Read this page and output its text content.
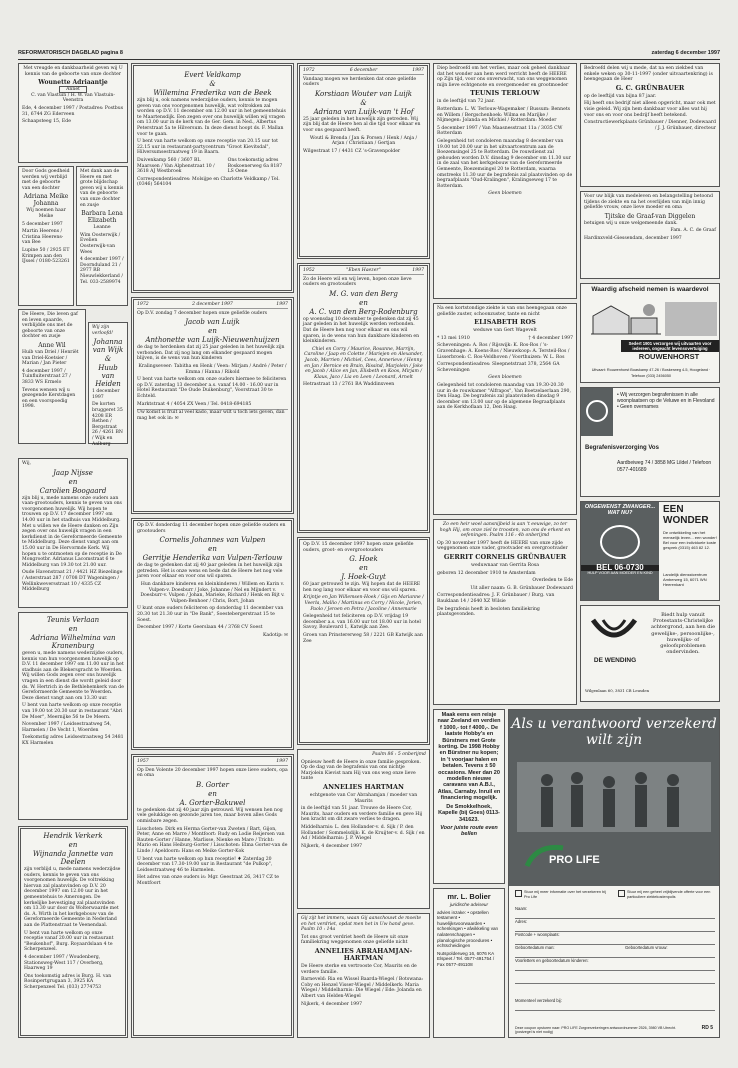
REFORMATORISCH DAGBLAD pagina 8	zaterdag 6 december 1997

Met vreugde en dankbaarheid geven wij U kennis van de geboorte van onze dochter

Wounette Adriaantje
Annet

C. van Vlastuin / H. W. van Vlastuin-Veenstra

Ede, 4 december 1997 / Postadres: Postbus 31, 6744 ZG Ederveen

Schaapsteeg 15, Ede

Door Gods goedheid werden wij verblijd met de geboorte van een dochter

Adriana Meike Johanna

Wij noemen haar Meike

5 december 1997

Martin Heerens / Cristina Heerens-van Bee

Lupine 50 / 2925 ET Krimpen aan den IJssel / 0180-523261

Met dank aan de Heere en met grote blijdschap geven wij u kennis van de geboorte van onze dochter en zusje

Barbara Lena Elizabeth

Leanne

Wim Oosterwijk / Evelien Oosterwijk-van Wees

4 december 1997 / Doornduland 21 / 2977 RB Nieuwlekkerland / Tel. 033-2589974

De Heere, Die leven gaf en leven spaarde, verblijdde ons met de geboorte van onze dochter en zusje

Anne Wil

Huib van Driel / Henriët van Driel-Koetsier / Marian / Jan Pieter

4 december 1997 / Tuinfluiterstraat 27 / 3833 WS Ermelo

Tevens wensen wij u gezegende Kerstdagen en een voorspoedig 1998.

Wij zijn verloofd!

Johanna van Wijk
&
Huub van Heiden

1 december 1997

De korten bruggeret 35 4208 ER Rethen / Bergstraat 26 / 4261 BN / Wijk en Aalburg

Wij,

Jaap Nijsse
en
Carolien Boogaard

zijn blij u, mede namens onze ouders aan vaan-grootouders, kennis te geven van ons voorgenomen huwelijk. Wij hopen te trouwen op D.V. 17 december 1997 om 14.00 uur in het stadhuis van Middelburg. Met u willen we de Heere danken en Zijn zegen over ons huwelijk vragen in een kerkdienst in de Gereformeerde Gemeente te Middelburg. Deze dienst vangt aan om 15.00 uur in De Hervormde Kerk. Wij hopen u te ontmoeten op de receptie in De Mongrootbr. Adrianus Lacomstraat 6 te Middelburg van 19.30 tot 21.00 uur.

Oude Havenstraat 21 / 4421 HZ Biezelinge / Asterstraat 287 / 0708 DT Wageningen / Wellinkweversstraat 10 / 4335 CZ Middelburg

Teunis Verlaan
en
Adriana Wilhelmina van Kranenburg

geven u, mede namens wederzijdse ouders, kennis van hun voorgenomen huwelijk op D.V. 11 december 1997 om 11.00 uur in het stadhuis aan de Blekersgracht te Woerden. Wij willen Gods zegen over ons huwelijk vragen in een dienst die wordt geleid door ds. W. Hertrich in de Bethlehemkerk van de Gereformeerde Gemeente te Woerden. Deze dienst vangt aan om 13.30 uur.

U bent van harte welkom op onze receptie van 19.00 tot 20.30 uur in restaurant "Abri De Moer", Meernijke 56 te De Meern.

November 1997 / Leidsestraatweg 54, Harmelen / De Vecht 1, Woerden

Toekomstig adres Leidsestraatweg 54 3481 KX Harmelen

Hendrik Verkerk
en
Wijnanda Jannette van Deelen

zijn verblijd u, mede namens wederzijdse ouders, kennis te geven van ons voorgenomen huwelijk. De voltrekking hiervan zal plaatsvinden op D.V. 20 december 1997 om 12.00 uur in het gemeentehuis te Amerongen. De kerkelijke bevestiging zal plaatsvinden om 13.30 uur door ds Wolterwaarde met ds. A. Wirth in het kerkgebouw van de Gereformeerde Gemeente in Nederland aan de Plattenstraat te Veenendaal.

U bent van harte welkom op onze receptie vanaf 20.00 uur in restaurant "Beukenhof", Burg. Royaardslaan 4 te Scherpenzeel.

4 december 1997 / Woudenberg, Stationsweg-West 117 / Overberg, Haarweg 19

Ons toekomstig adres is Burg. H. van Rosinpertgrugaan 3, 3925 KA Scherpenzeel Tel. (033) 2774753

Evert Veldkamp
&
Willemina Frederika van de Beek

zijn blij u, ook namens wederzijdse ouders, kennis te mogen geven van ons voorgenomen huwelijk, wat voltrokken zal worden op D.V. 11 december om 12.00 uur in het gemeentehuis te Maartensdijk. Een zegen over ons huwelijk willen wij vragen om 13.00 uur in de kerk van de Ger. Gem. in Ned., Albertus Peterstraat 5a te Hilversum. In deze dienst hoopt ds. F. Mallan voor te gaan.

U bent van harte welkom op onze receptie van 20.15 uur tot 22.15 uur in restaurant-partycentrum "Groot Kievitsdal", Hilversumsestraatweg 19 in Baarn.

Duivenkamp 560 / 3607 BL Maarssen / Van Alphenstraat 10 / 3618 AJ Westbroek

Ons toekomstig adres Boskoenerweg 6a 8187 LS Oene

Correspondentieadres: Molsijpe en Charlotte Veldkamp / Tel. (0346) 564104

1972	2 december 1997	1997

Op D.V. zondag 7 december hopen onze geliefde ouders

Jacob van Luijk
en
Anthonette van Luijk-Nieuwenhuijzen

de dag te herdenken dat zij 25 jaar geleden in het huwelijk zijn verbonden. Dat zij nog lang om elkander gespaard mogen blijven, is de wens van hun kinderen

Kralingseveer: Tabitha en Henk / Veen: Mirjam / André / Peter / Emma / Hanna / Rikold

U bent van harte welkom om onze ouders hiermee te feliciteren op D.V. zaterdag 13 december a.s. vanaf 14.00 - 16.00 uur in Hotel Restaurant "De Oude Duikenburg", Voorstraat 30 te Echteld.

Marktstraat 4 / 4054 ZX Veen / Tel. 0418-694185

Uw komst is fruit al veel kado, maar wilt u toch iets geven, dan mag het ook in: ✉

Op D.V. donderdag 11 december hopen onze geliefde ouders en grootouders

Cornelis Johannes van Vulpen
en
Gerritje Henderika van Vulpen-Terlouw

de dag te gedenken dat zij 40 jaar geleden in het huwelijk zijn getreden. Het is onze wens en bede dat de Heere het nog vele jaren voor elkaar en voor ons wil sparen.

Hun dankbare kinderen en kleinkinderen / Willem en Karin v. Vulpen-v. Doesburr / Joke, Johanne / Nel en Mijndert v. Doesburr-v. Vulpen / Johan, Marieke, Richard / Henk en Bijt v. Vulpen-Benhoer / Chris, Bort, Johan

U kunt onze ouders feliciteren op donderdag 11 december van 20.30 tot 21.30 uur in "De Bank", Soestebergerstraat 15 te Soest.

December 1997 / Korte Geerslaan 44 / 3768 CV Soest

Kadotip: ✉

1957	1997

Op Den Volente 20 december 1997 hopen onze lieve ouders, opa en oma

B. Gorter
en
A. Gorter-Bakuwel

te gedenken dat zij 40 jaar zijn getrouwd. Wij wensen hen nog vele gelukkige en gezonde jaren toe, maar boven alles Gods onmisbare zegen.

Lisschoten: Dirk en Herma Gorter-van Zweten / Bart, Gijon, Peter, Anne en Marre / Montfoort: Rudy en Lodie Reijersen van Bauten-Gorter / Hanne, Marlisse, Nienke en Mare / Tricht: Mario en Hans Heiburg-Gorter / Lisschoten: Elma Gorter-van de Linde / Apeldoorn: Hans en Meike Gorter-Kok

U bent van harte welkom op hun receptie! ♦ Zaterdag 20 december van 17.30-19.00 uur in Restaurant "de Pulkop", Leidsestraatweg 46 te Harmelen.

Het adres van onze ouders is: Mgr. Geestraat 26, 3417 CZ te Montfoort

1972	6 december	1997

Vandaag mogen we herdenken dat onze geliefde ouders

Korstiaan Wouter van Luijk
&
Adriana van Luijk-van 't Hof

25 jaar geleden in het huwelijk zijn getreden. Wij zijn blij dat de Heere hen al die tijd voor elkaar en voor ons gespaard heeft.

Woutl & Brenda / Jan & Porsen / Henk / Anja / Arjan / Christiaan / Gertjan

Wilgestraat 17 / 4431 CZ 's-Gravenpolder

1952	"Eben Haezer"	1997

Zo de Heere wil en wij leven, hopen onze lieve ouders en grootouders

M. G. van den Berg
en
A. C. van den Berg-Rodenburg

op woensdag 10 december te gedenken dat zij 45 jaar geleden in het huwelijk werden verbonden. Dat de Heere hen nog voor elkaar en ons wil sparen, is de wens van hun dankbare kinderen en kleinkinderen.

Chiel en Corry / Maurice, Rosanne, Marrijn, Caroline / Jaap en Colette / Mariejen en Alexander, Jacob, Marrien / Michiel, Cees, Annerieve / Henny en Jan / Bernice en Brain, Rissind, Marjolein / Joke en Jacob / Alice en Jan, Elisbeth en Koos, Mirjam / Klaus, Jaco / Lia en Leen / Leonard, Arnelt

Hetrastraat 13 / 2761 BA Waddinxveen

Op D.V. 15 december 1997 hopen onze geliefde ouders, groot- en overgrootouders

G. Hoek
en
J. Hoek-Guyt

60 jaar getrouwd te zijn. Wij hopen dat de HEERE hen nog lang voor elkaar en voor ons wil sparen.

Krijntje en Jan Willemsen-Hoek / Gijs en Marianne / Veerla, Mallio / Martinus en Corry / Nicole, Jorien, Paolo / Jeroen en Petra / Jacoline / Annemarie

Gelegenheid tot feliciteren op D.V. vrijdag 19 december a.s. van 16.00 uur tot 18.00 uur in hotel Savoy, Boulevard 1, Katwijk aan Zee.

Groen van Prinstererweg 58 / 2221 GB Katwijk aan Zee

Psalm 86 : 5 onberijmd

Opnieuw heeft de Heere in onze familie gesproken. Op de dag van de begrafenis van ons nichtje Marjolein Kievist nam Hij van ons weg onze lieve tante

ANNELIES HARTMAN

echtgenote van Cor Abrahamjan / moeder van Maurits

in de leeftijd van 51 jaar. Trouwe de Heere Cor, Maurits, haar ouders en verdere familie en geve Hij hen kracht om dit zware verlies te dragen.

Middelharnis: L. den Hollander-v. d. Sijk / P. den Hollander / Sommelsdijk: K. de Kruijter-v. d. Sijk / en Ad / Middelharnis: J. P. Wiegel

Nijkerk, 4 december 1997

Gij zijt het immers, waan Gij aanschouwt de moeite en het verdriet, opdat men het in Uw hand geve. Psalm 10 : 14a

Tot ons groot verdriet heeft de Heere uit onze familiekring weggenomen onze geliefde nicht

ANNELIES ABRAHAMJAN-HARTMAN

De Heere sterke en vertrooste Cor, Maurits en de verdere familie.

Barneveld: Ria en Wissel Baarda-Wiegel / Botswana: Coby en Henzel Visser-Wiegel / Middelkerk: Maria Wiegel / Middelharnis: Die Wiegel / Ede: Jolanda en Albert van Helden-Wiegel

Nijkerk, 4 december 1997

Diep bedroefd om het verlies, maar ook geheel dankbaar dat het wonder aan hem werd verricht heeft de HEERE op Zijn tijd, voor ons onverwacht, van ons weggenomen mijn lieve echtgenote en overgemoeder en grootmoeder

TEUNIS TERLOUW

in de leeftijd van 72 jaar.

Rotterdam: L. W. Terlouw-Wagemaker / Bussum: Bennets en Willem / Bergschenhoek: Wilma en Marijke / Nijmegen: Jolanda en Michiel / Rotterdam: Moeder

5 december 1997 / Van Maasnesstraat 11a / 3035 CW Rotterdam

Gelegenheid tot condoleren maandag 8 december van 19.00 tot 20.00 uur in het uitvaartcentrum aan de Boezemsingel 25 te Rotterdam. De rouwdienst zal gehouden worden D.V. dinsdag 9 december om 11.30 uur in de zaal van het kerkgebouw van de Gereformeerde Gemeente, Boezemsingel 20 te Rotterdam, waarna omstreeks 11.30 uur de begrafenis zal plaatsvinden op de begraafplaats "Oud-Kralingen", Kralingseweg 17 te Rotterdam.

Geen bloemen

Na een kortstondige ziekte is van ons heengegaan onze geliefde zuster, schoonzuster, tante en nicht

ELISABETH ROS

weduwe van Gert Wagevelt

* 13 mei 1910	† 4 december 1997

Scheveningen: A. Ros / Rijswijk: K. Ros-Ros / 's-Gravenhage: A. Koens-Ros / Nieuwkoop: A. Tersteil-Ros / Lisserbroek: C. Ros-Veldhoven / Voorthuizen: W. L. Ros

Correspondentieadres: Sleepnetstraat 378, 2564 GA Scheveningen

Geen bloemen

Gelegenheid tot condoleren maandag van 19.30-20.30 uur in de rouwkamer "Alfrapos", Van Boetzelaerlaan 290, Den Haag. De begrafenis zal plaatsvinden dinsdag 9 december om 13.00 uur op de algemene Begraafplaats aan de Kerkhoflaan 12, Den Haag.

Zo een heir woel aansnijbeid is aan 't eeuwige, zo ter hogh Hij, om onze ziel te troosten, van ons de erkent en oefeningen. Psalm 116 : 4b onberijmd

Op 30 november 1997 heeft de HEERE van onze zijde weggenomen onze vader, grootvader en overgrootvader

GERRIT CORNELIS GRÜNBAUER

weduwnaar van Gerrita Rosa

geboren 12 december 1910 te Amsterdam

Overleden te Ede

Uit aller naam: G. B. Grünbauer Dodewaard

Correspondentieadres: J. F. Grünbauer / Burg. van Bauklaan 14 / 2640 XZ Wilsie

De begrafenis heeft in besloten familiekring plaatsgevonden.

Maak eens een reisje naar Zeeland en verdien f 1000,- tot f 4000,-. De laatste Hobby's en Bürstners met Grote korting. De 1998 Hobby en Bürstner nu kopen; in 't voorjaar halen en betalen. Tevens ± 50 occasions. Meer dan 20 modellen nieuwe caravans van A.B.I., Atlas, Carnaby. Inruil en financiering mogelijk.

De Smokkelhoek, Kapelle (bij Goes) 0113-341623.

Voor juiste route even bellen

mr. L. Bolier

juridische adviseur

advies inzake: • opstellen testament • huwelijksvoorwaarden • schenkingen • afwikkeling van nalatenschappen • planologische procedures • echtscheidingen

Nutspolderweg 16, 6076 KA Elspeet / Tel. 0577-491754 / Fax 0577-491108

Bedroefd delen wij u mede, dat na een ziekbed van enkele weken op 30-11-1997 (onder uitvaartenkring) is heengegaan de Heer

G. C. GRÜNBAUER

op de leeftijd van bijna 87 jaar.

Hij heeft ons bedrijf niet alleen opgericht, maar ook met visie geleid. Wij zijn hem dankbaar voor alles wat hij voor ons en voor ons bedrijf heeft betekend.

Constructiewerkplaats Grünbauer / Dienner, Dodewaard / J. J. Grünbauer, directeur

Voor uw blijk van medeleven en belangstelling betoond tijdens de ziekte en na het overlijden van mijn innig geliefde vrouw, onze lieve moeder en oma

Tjitske de Graaf-van Diggelen

betuigen wij u onze welgemeende dank.

Fam. A. C. de Graaf

Hardinxveld-Giessendam, december 1997

Waardig afscheid nemen is waardevol
Sedert 1901 verzorgen wij uitvaarten voor iedereen, ongeacht levensovertuiging
ROUWENHORST
Uitvaart: Rouwenhorst Boaskamp 47-26 / Boskerweg 4-5, Hoogeland · Telefoon (033) 2456050

• Wij verzorgen begrafenissen in alle woonplaatsen op de Veluwe en in Flevoland • Geen overnames

Begrafenisverzorging Vos

Aardbeiweg 74 / 3858 MG Lildel / Telefoon 0577-401689

ONGEWENST ZWANGER... WAT NU?
BEL 06-0730
HULP VOOR AAN MOEDER EN KIND
EEN WONDER

De ontwikkeling van het menselijk leven... een wonder! Bel voor een individuele koste gesprek (0315) 463 82 12.

Landelijk diensstcentrum Amberweg 15, 6071 WN Heerenkant

DE WENDING

Biedt hulp vanuit Protestants-Christelijke achtergrond, aan hen die gewelijke-, persoonlijke-, huwelijks- of geloofsproblemen ondervinden.

Wilgenlaan 60, 3831 CB Leusden

Als u verantwoord verzekerd wilt zijn
PRO LIFE
Stuur mij meer informatie over het verzekeren bij Pro Life
Stuur mij een geheel vrijblijvende offerte voor een particuliere ziektekostenpolis
Naam:
Adres:
Postcode + woonplaats:
Geboortedatum man:	Geboortedatum vrouw:
Voorletters en geboortedatum kinderen:
Momenteel verzekerd bij:

Deze coupon opsturen naar: PRO LIFE Zorgverzekeringen antwoordnummer 2526, 3980 VB Utrecht. (postzegel is niet nodig)

RD 5
